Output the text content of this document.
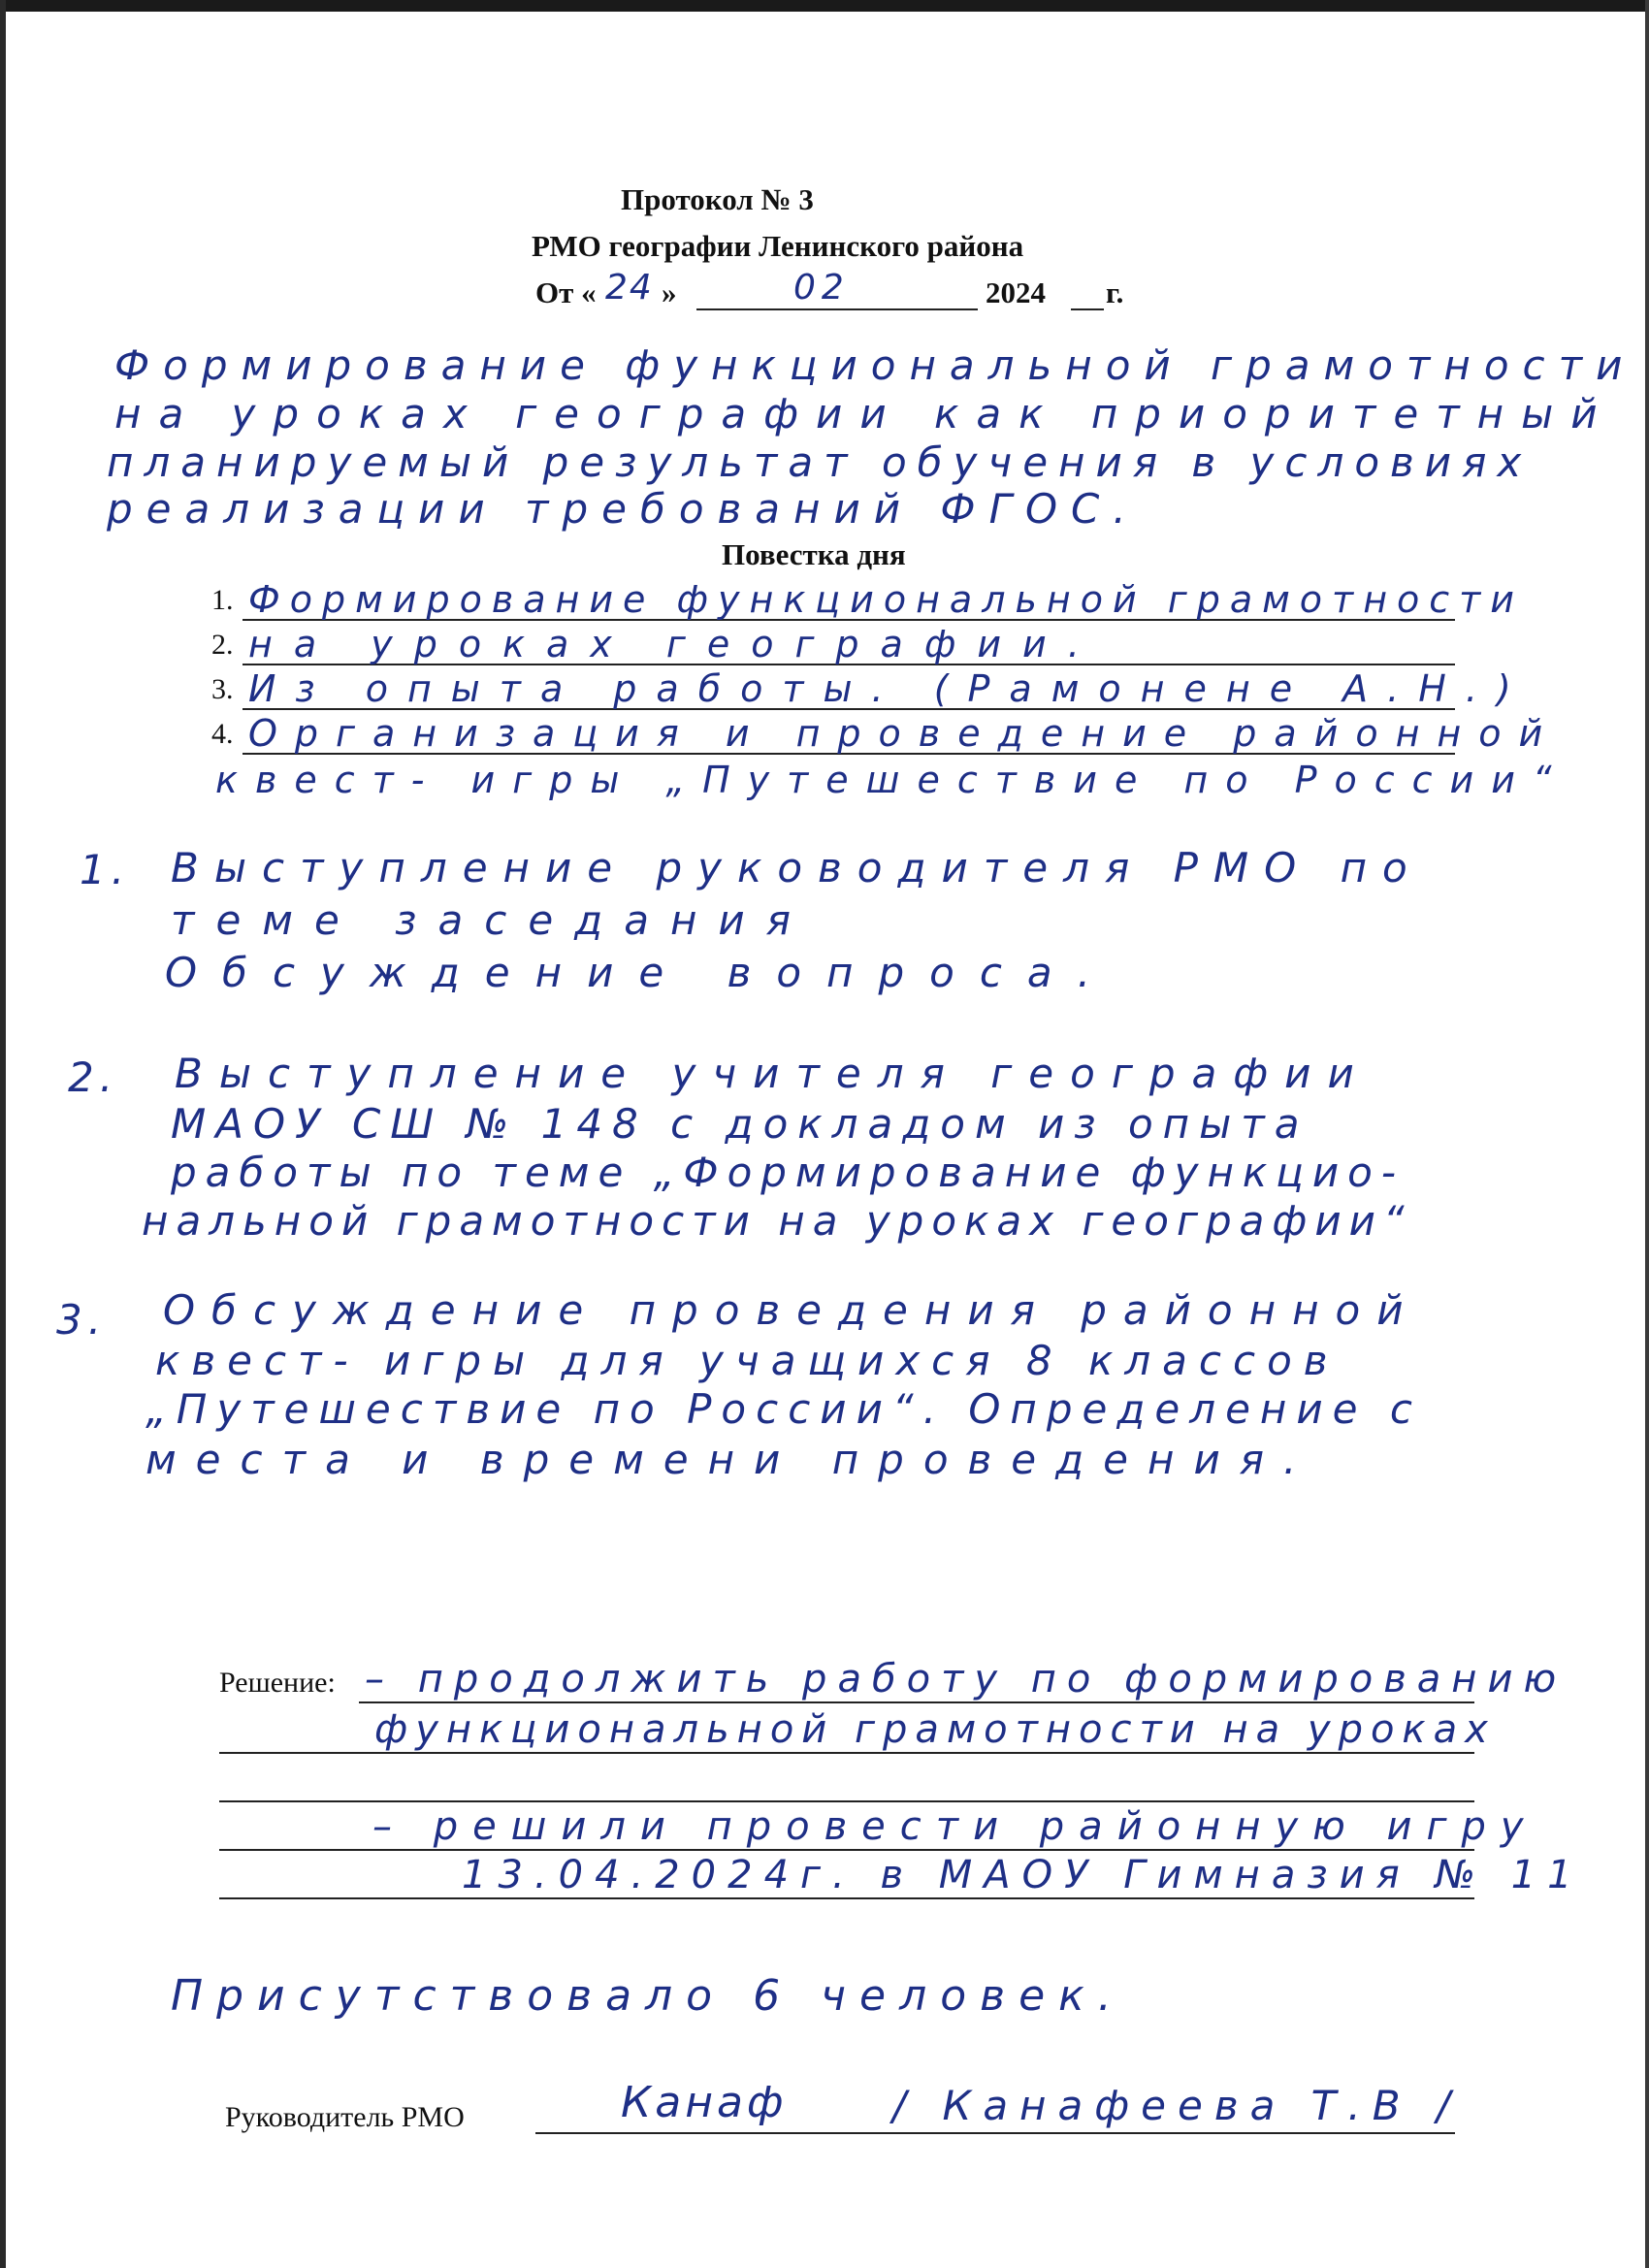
Протокол № 3
РМО географии Ленинского района
От « 24 »	02	2024 г.
Формирование функциональной грамотности
на уроках географии как приоритетный
планируемый результат обучения в условиях
реализации требований ФГОС.
Повестка дня
1. Формирование функциональной грамотности
2. на уроках географии.
3. Из опыта работы. (Рамонене А.Н.)
4. Организация и проведение районной
квест- игры „Путешествие по России“
1. Выступление руководителя РМО по
теме заседания
Обсуждение вопроса.
2. Выступление учителя географии
МАОУ СШ № 148 с докладом из опыта
работы по теме „Формирование функцио-
нальной грамотности на уроках географии“
3. Обсуждение проведения районной
квест- игры для учащихся 8 классов
„Путешествие по России“. Определение с
места и времени проведения.
Решение: – продолжить работу по формированию
функциональной грамотности на уроках
– решили провести районную игру
13.04.2024г. в МАОУ Гимназия № 11
Присутствовало 6 человек.
Руководитель РМО	Канаф	/ Канафеева Т.В /
